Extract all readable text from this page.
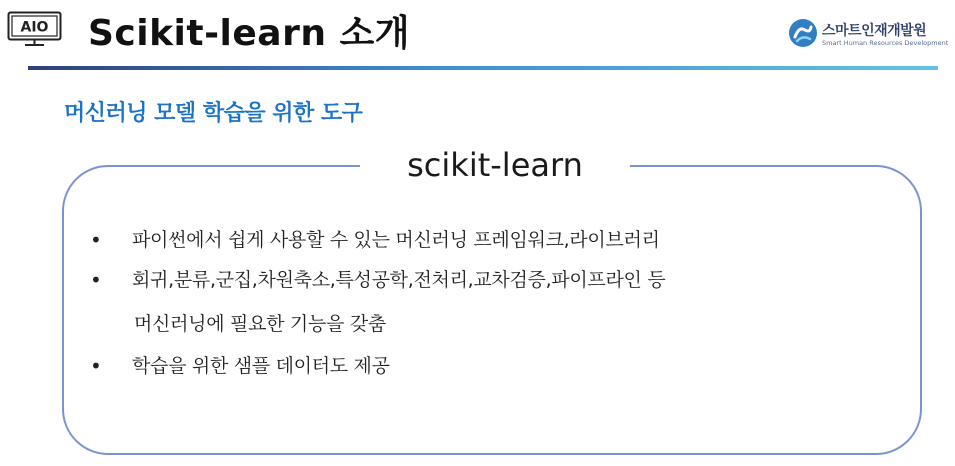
AIO Scikit-learn 소개	스마트인재개발원
Smart Human Resources Development
머신러닝 모델 학습을 위한 도구
scikit-learn
•	파이썬에서 쉽게 사용할 수 있는 머신러닝 프레임워크,라이브러리
•	회귀,분류,군집,차원축소,특성공학,전처리,교차검증,파이프라인 등
머신러닝에 필요한 기능을 갖춤
•	학습을 위한 샘플 데이터도 제공
